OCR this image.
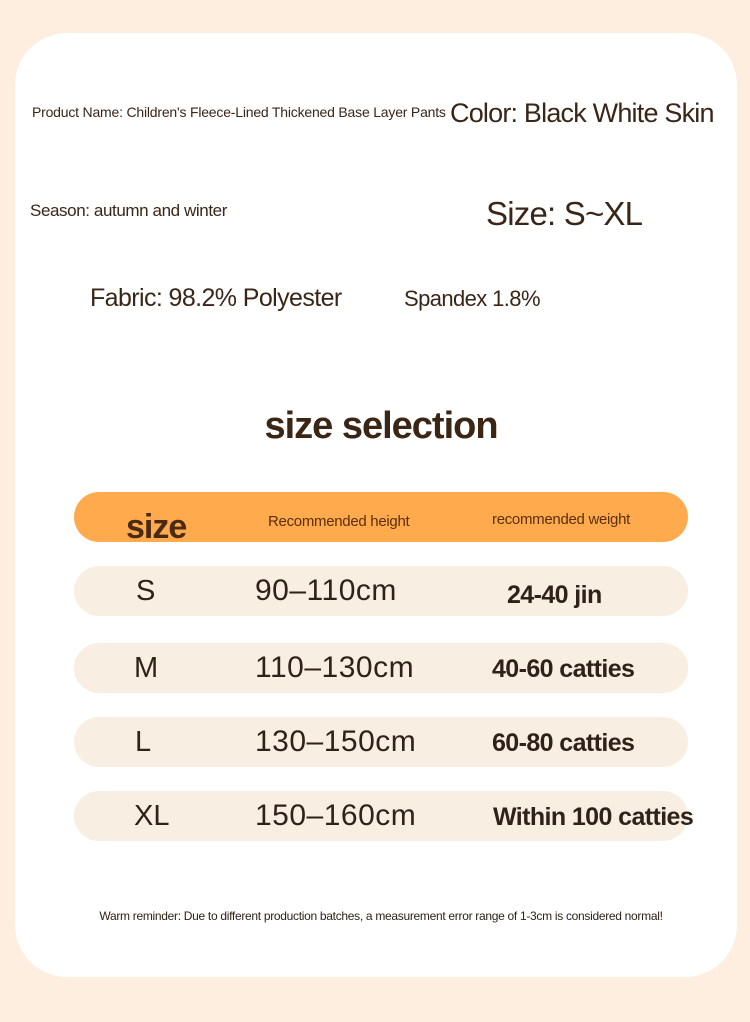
Product Name: Children's Fleece-Lined Thickened Base Layer Pants Color: Black White Skin
Season: autumn and winter	Size: S~XL
Fabric: 98.2% Polyester	Spandex 1.8%
size selection
size	Recommended height	recommended weight
S	90–110cm	24-40 jin
M	110–130cm	40-60 catties
L	130–150cm	60-80 catties
XL	150–160cm	Within 100 catties
Warm reminder: Due to different production batches, a measurement error range of 1-3cm is considered normal!
